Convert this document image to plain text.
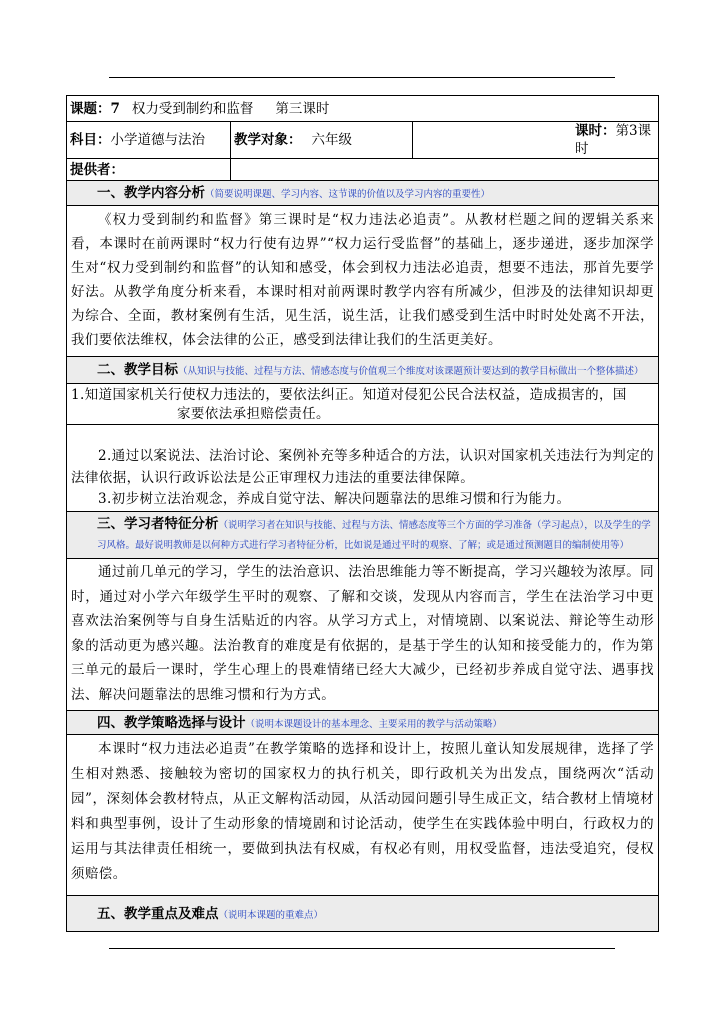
课题：7 权力受到制约和监督 第三课时		
科目：小学道德与法治	教学对象： 六年级	课时：第3课时
提供者：		
一、教学内容分析（简要说明课题、学习内容、这节课的价值以及学习内容的重要性）		

《权力受到制约和监督》第三课时是“权力违法必追责”。从教材栏题之间的逻辑关系来看，本课时在前两课时“权力行使有边界”“权力运行受监督”的基础上，逐步递进，逐步加深学生对“权力受到制约和监督”的认知和感受，体会到权力违法必追责，想要不违法，那首先要学好法。从教学角度分析来看，本课时相对前两课时教学内容有所减少，但涉及的法律知识却更为综合、全面，教材案例有生活，见生活，说生活，让我们感受到生活中时时处处离不开法，我们要依法维权，体会法律的公正，感受到法律让我们的生活更美好。		

二、教学目标（从知识与技能、过程与方法、情感态度与价值观三个维度对该课题预计要达到的教学目标做出一个整体描述）		

1.知道国家机关行使权力违法的，要依法纠正。知道对侵犯公民合法权益，造成损害的，国
家要依法承担赔偿责任。
2.通过以案说法、法治讨论、案例补充等多种适合的方法，认识对国家机关违法行为判定的法律依据，认识行政诉讼法是公正审理权力违法的重要法律保障。
3.初步树立法治观念，养成自觉守法、解决问题靠法的思维习惯和行为能力。		

三、学习者特征分析（说明学习者在知识与技能、过程与方法、情感态度等三个方面的学习准备（学习起点），以及学生的学习风格。最好说明教师是以何种方式进行学习者特征分析，比如说是通过平时的观察、了解；或是通过预测题目的编制使用等）		

通过前几单元的学习，学生的法治意识、法治思维能力等不断提高，学习兴趣较为浓厚。同时，通过对小学六年级学生平时的观察、了解和交谈，发现从内容而言，学生在法治学习中更喜欢法治案例等与自身生活贴近的内容。从学习方式上，对情境剧、以案说法、辩论等生动形象的活动更为感兴趣。法治教育的难度是有依据的，是基于学生的认知和接受能力的，作为第三单元的最后一课时，学生心理上的畏难情绪已经大大减少，已经初步养成自觉守法、遇事找法、解决问题靠法的思维习惯和行为方式。		

四、教学策略选择与设计（说明本课题设计的基本理念、主要采用的教学与活动策略）		

本课时“权力违法必追责”在教学策略的选择和设计上，按照儿童认知发展规律，选择了学生相对熟悉、接触较为密切的国家权力的执行机关，即行政机关为出发点，围绕两次“活动园”，深刻体会教材特点，从正文解构活动园，从活动园问题引导生成正文，结合教材上情境材料和典型事例，设计了生动形象的情境剧和讨论活动，使学生在实践体验中明白，行政权力的运用与其法律责任相统一，要做到执法有权威，有权必有则，用权受监督，违法受追究，侵权须赔偿。		

五、教学重点及难点（说明本课题的重难点）		
